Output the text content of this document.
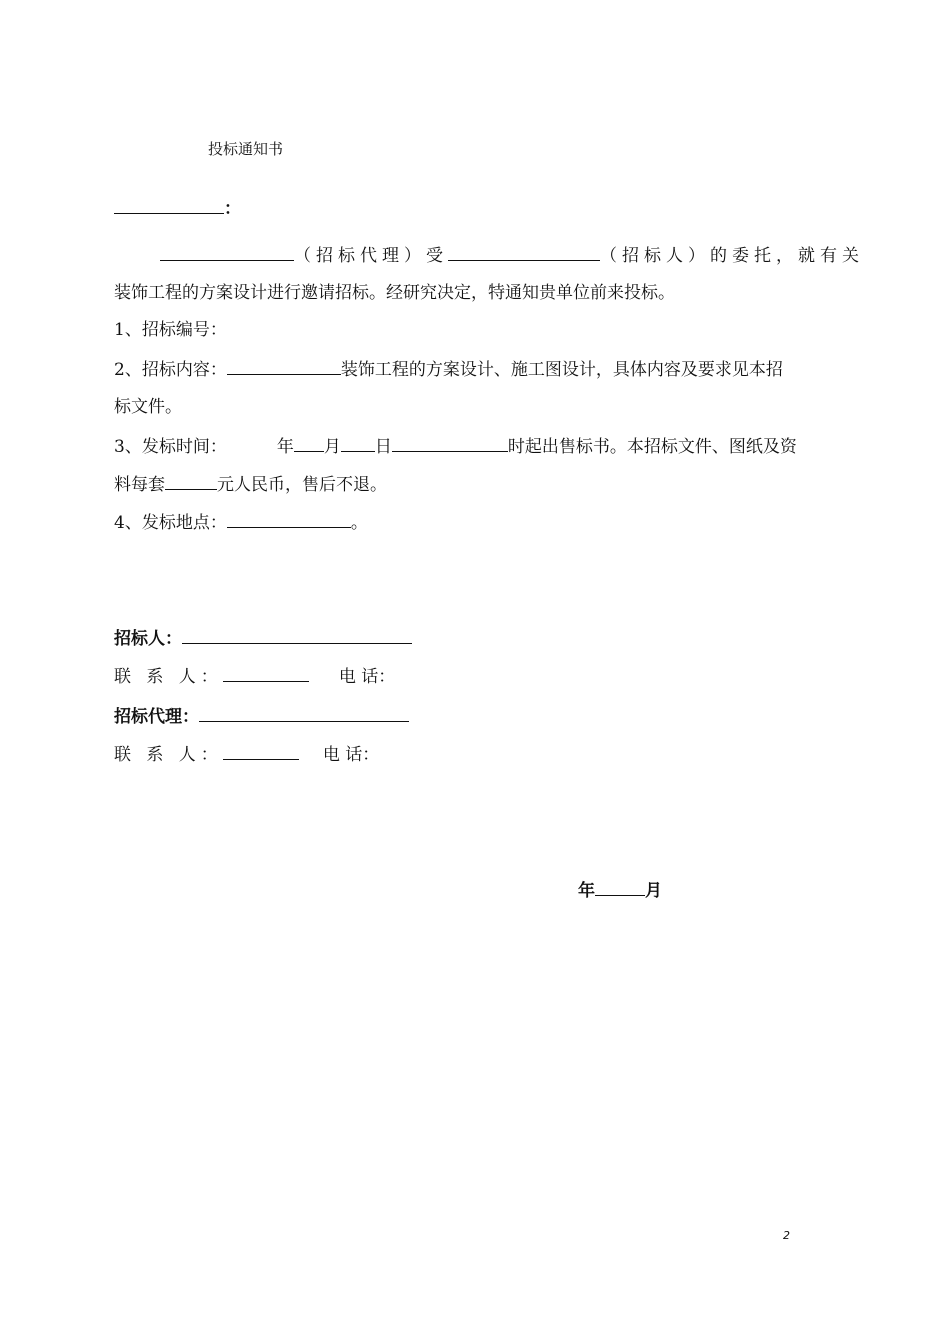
投标通知书
：
（招标代理）受	（招标人）的委托，就有关
装饰工程的方案设计进行邀请招标。经研究决定，特通知贵单位前来投标。
1、招标编号：
2、招标内容：	装饰工程的方案设计、施工图设计，具体内容及要求见本招
标文件。
3、发标时间：	年 月 日	时起出售标书。本招标文件、图纸及资
料每套	元人民币，售后不退。
4、发标地点：	。
招标人：
联 系 人：	电 话：
招标代理：
联 系 人：	电 话：
年	月
2
